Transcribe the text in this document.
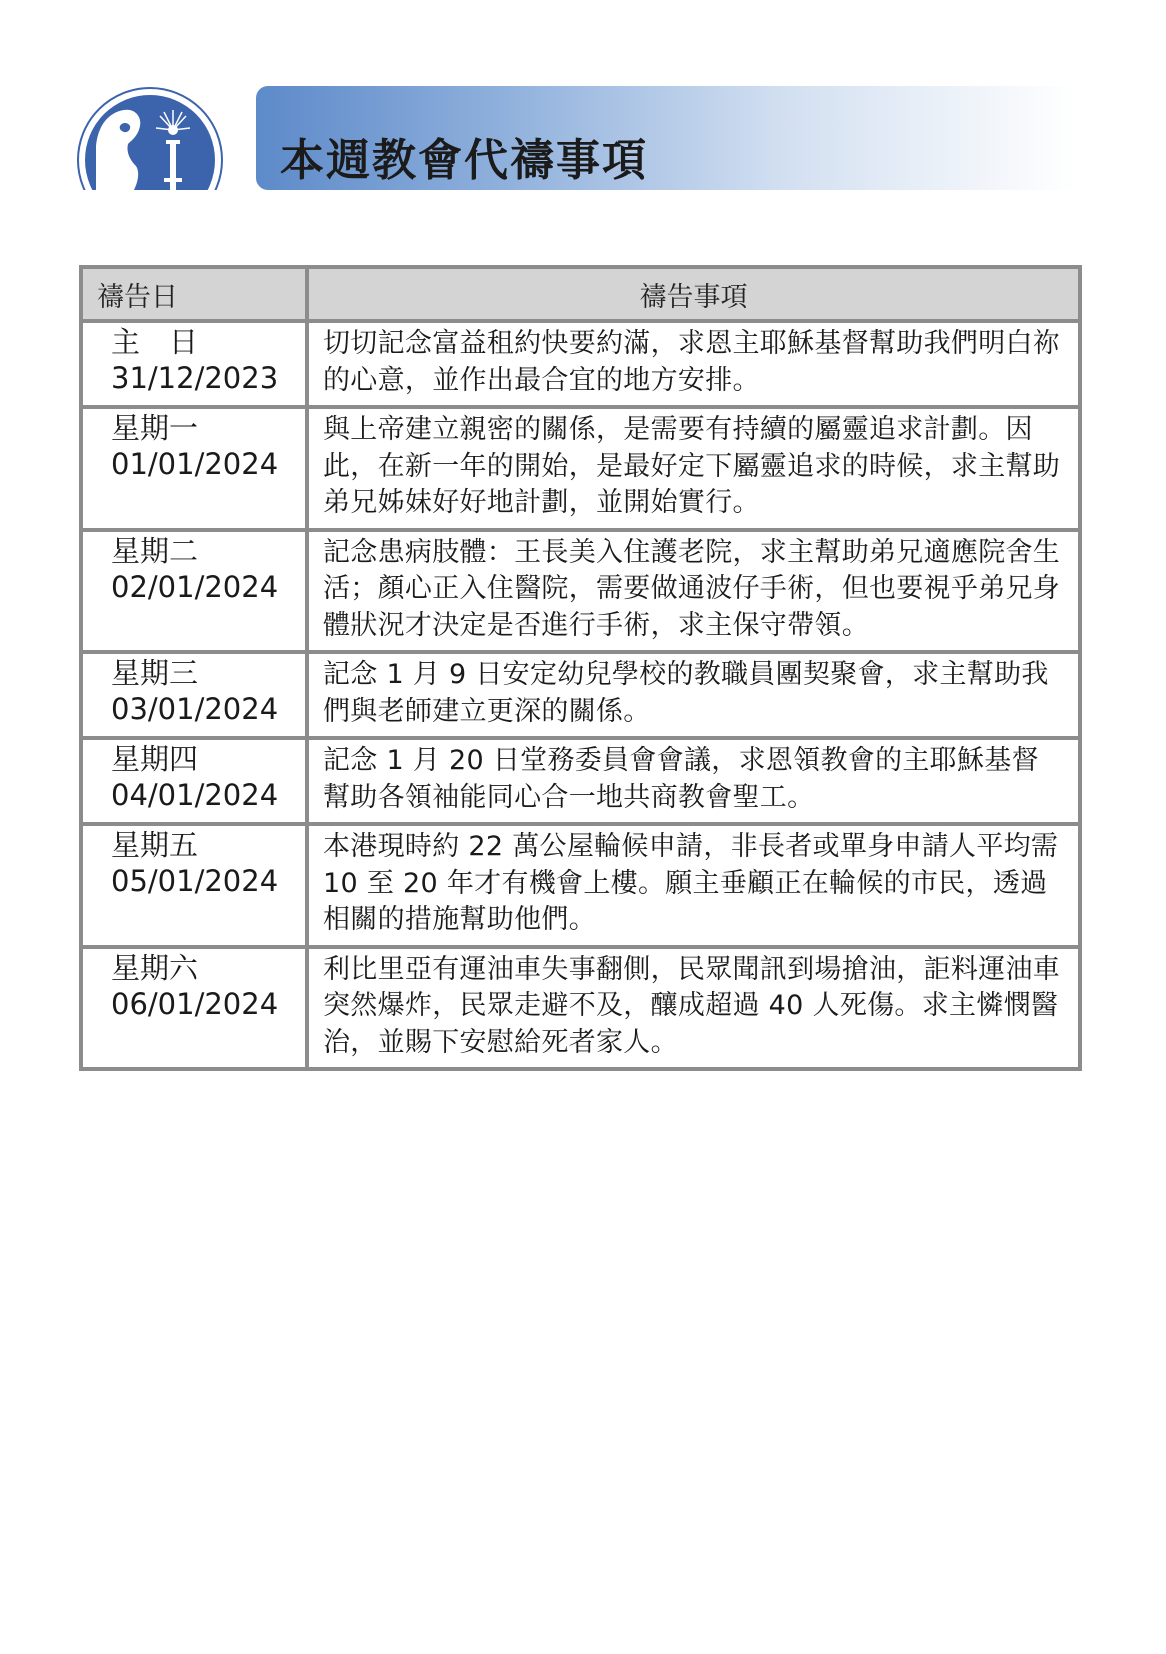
本週教會代禱事項
禱告日	禱告事項

主　日
31/12/2023	切切記念富益租約快要約滿，求恩主耶穌基督幫助我們明白祢的心意，並作出最合宜的地方安排。

星期一
01/01/2024	與上帝建立親密的關係，是需要有持續的屬靈追求計劃。因此，在新一年的開始，是最好定下屬靈追求的時候，求主幫助弟兄姊妹好好地計劃，並開始實行。

星期二
02/01/2024	記念患病肢體：王長美入住護老院，求主幫助弟兄適應院舍生活；顏心正入住醫院，需要做通波仔手術，但也要視乎弟兄身體狀況才決定是否進行手術，求主保守帶領。

星期三
03/01/2024	記念 1 月 9 日安定幼兒學校的教職員團契聚會，求主幫助我們與老師建立更深的關係。

星期四
04/01/2024	記念 1 月 20 日堂務委員會會議，求恩領教會的主耶穌基督幫助各領袖能同心合一地共商教會聖工。

星期五
05/01/2024	本港現時約 22 萬公屋輪候申請，非長者或單身申請人平均需 10 至 20 年才有機會上樓。願主垂顧正在輪候的市民，透過相關的措施幫助他們。

星期六
06/01/2024	利比里亞有運油車失事翻側，民眾聞訊到場搶油，詎料運油車突然爆炸，民眾走避不及，釀成超過 40 人死傷。求主憐憫醫治，並賜下安慰給死者家人。
